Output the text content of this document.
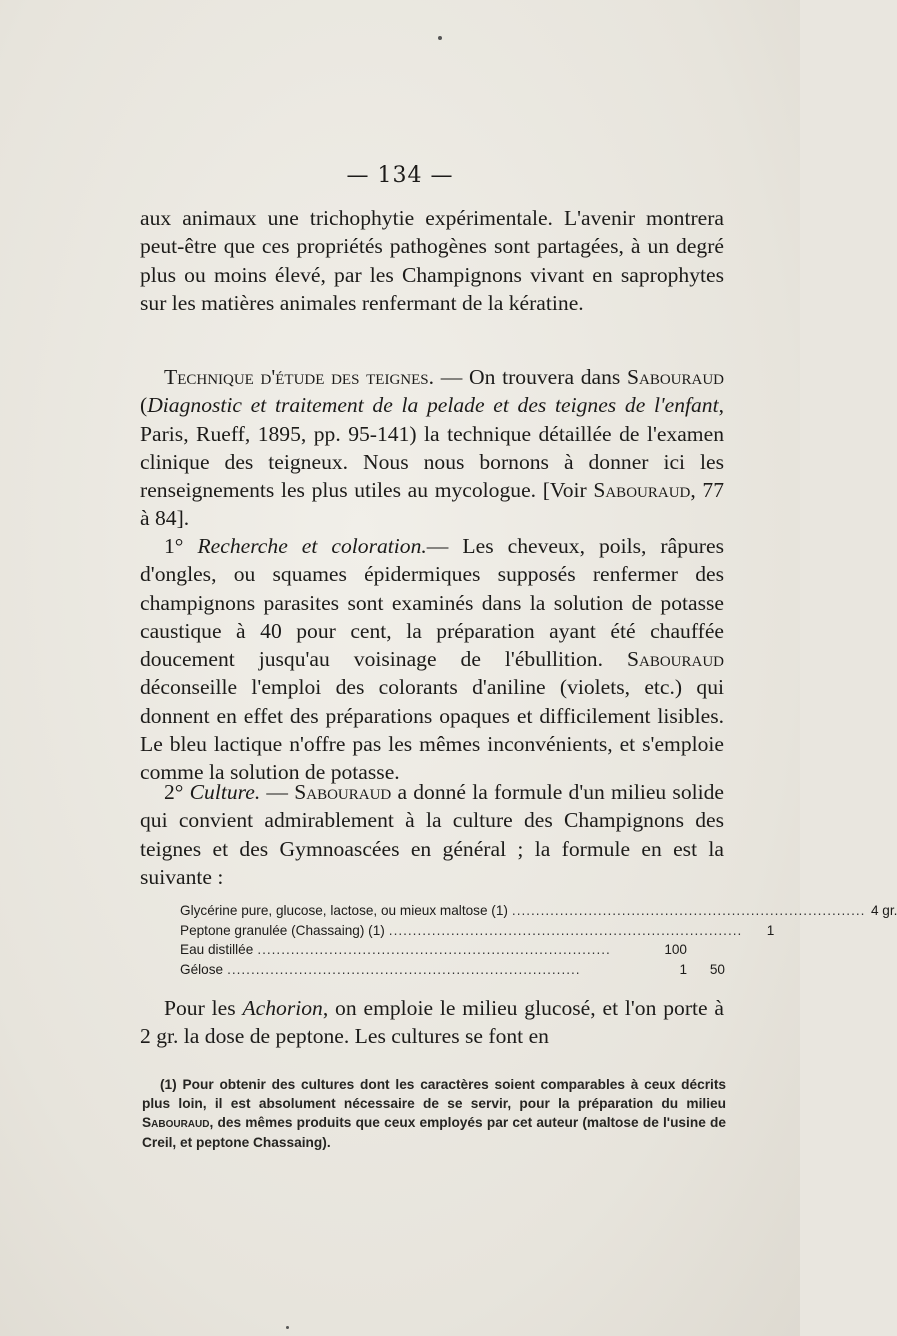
— 134 —

aux animaux une trichophytie expérimentale. L'avenir montrera peut-être que ces propriétés pathogènes sont partagées, à un degré plus ou moins élevé, par les Champignons vivant en saprophytes sur les matières animales renfermant de la kératine.

Technique d'étude des teignes. — On trouvera dans Sabouraud (Diagnostic et traitement de la pelade et des teignes de l'enfant, Paris, Rueff, 1895, pp. 95-141) la technique détaillée de l'examen clinique des teigneux. Nous nous bornons à donner ici les renseignements les plus utiles au mycologue. [Voir Sabouraud, 77 à 84].

1° Recherche et coloration.— Les cheveux, poils, râpures d'ongles, ou squames épidermiques supposés renfermer des champignons parasites sont examinés dans la solution de potasse caustique à 40 pour cent, la préparation ayant été chauffée doucement jusqu'au voisinage de l'ébullition. Sabouraud déconseille l'emploi des colorants d'aniline (violets, etc.) qui donnent en effet des préparations opaques et difficilement lisibles. Le bleu lactique n'offre pas les mêmes inconvénients, et s'emploie comme la solution de potasse.

2° Culture. — Sabouraud a donné la formule d'un milieu solide qui convient admirablement à la culture des Champignons des teignes et des Gymnoascées en général ; la formule en est la suivante :

Glycérine pure, glucose, lactose, ou mieux maltose (1) .......................................................................... 4 gr.
Peptone granulée (Chassaing) (1) ..........................................................................	1
Eau distillée ..........................................................................	100
Gélose ..........................................................................	1	50

Pour les Achorion, on emploie le milieu glucosé, et l'on porte à 2 gr. la dose de peptone. Les cultures se font en

(1) Pour obtenir des cultures dont les caractères soient comparables à ceux décrits plus loin, il est absolument nécessaire de se servir, pour la préparation du milieu Sabouraud, des mêmes produits que ceux employés par cet auteur (maltose de l'usine de Creil, et peptone Chassaing).
